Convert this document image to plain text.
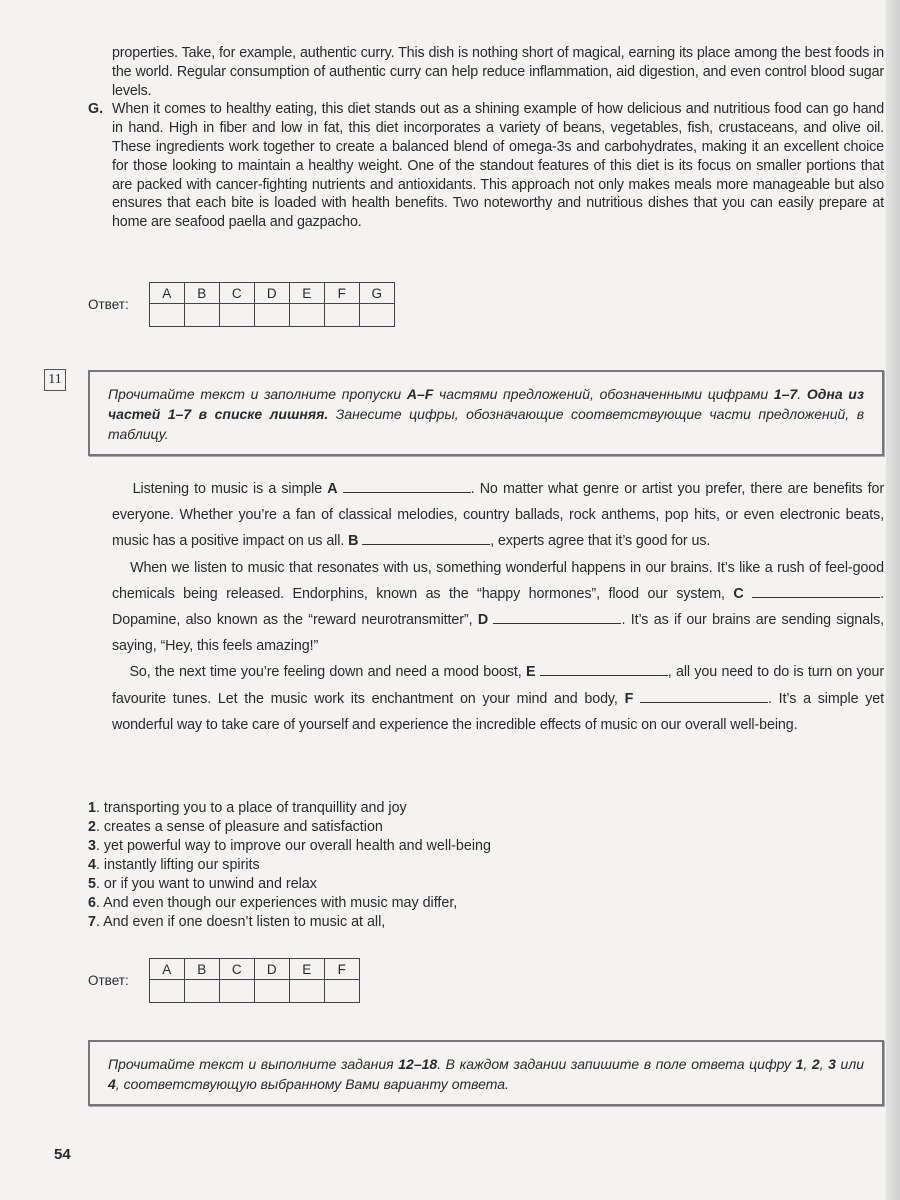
properties. Take, for example, authentic curry. This dish is nothing short of magical, earning its place among the best foods in the world. Regular consumption of authentic curry can help reduce inflammation, aid digestion, and even control blood sugar levels.
When it comes to healthy eating, this diet stands out as a shining example of how delicious and nutritious food can go hand in hand. High in fiber and low in fat, this diet incorporates a variety of beans, vegetables, fish, crustaceans, and olive oil. These ingredients work together to create a balanced blend of omega-3s and carbohydrates, making it an excellent choice for those looking to maintain a healthy weight. One of the standout features of this diet is its focus on smaller portions that are packed with cancer-fighting nutrients and antioxidants. This approach not only makes meals more manageable but also ensures that each bite is loaded with health benefits. Two noteworthy and nutritious dishes that you can easily prepare at home are seafood paella and gazpacho.
G.
Ответ:
A	B	C	D	E	F	G

11
Прочитайте текст и заполните пропуски A–F частями предложений, обозначенными цифрами 1–7. Одна из частей 1–7 в списке лишняя. Занесите цифры, обозначающие соответствующие части предложений, в таблицу.

Listening to music is a simple A	. No matter what genre or artist you prefer, there are benefits for everyone. Whether you’re a fan of classical melodies, country ballads, rock anthems, pop hits, or even electronic beats, music has a positive impact on us all. B	, experts agree that it’s good for us.

When we listen to music that resonates with us, something wonderful happens in our brains. It’s like a rush of feel-good chemicals being released. Endorphins, known as the “happy hormones”, flood our system, C	. Dopamine, also known as the “reward neurotransmitter”, D	. It’s as if our brains are sending signals, saying, “Hey, this feels amazing!”

So, the next time you’re feeling down and need a mood boost, E	, all you need to do is turn on your favourite tunes. Let the music work its enchantment on your mind and body, F	. It’s a simple yet wonderful way to take care of yourself and experience the incredible effects of music on our overall well-being.

1. transporting you to a place of tranquillity and joy
2. creates a sense of pleasure and satisfaction
3. yet powerful way to improve our overall health and well-being
4. instantly lifting our spirits
5. or if you want to unwind and relax
6. And even though our experiences with music may differ,
7. And even if one doesn’t listen to music at all,
Ответ:
A	B	C	D	E	F

Прочитайте текст и выполните задания 12–18. В каждом задании запишите в поле ответа цифру 1, 2, 3 или 4, соответствующую выбранному Вами варианту ответа.
54
